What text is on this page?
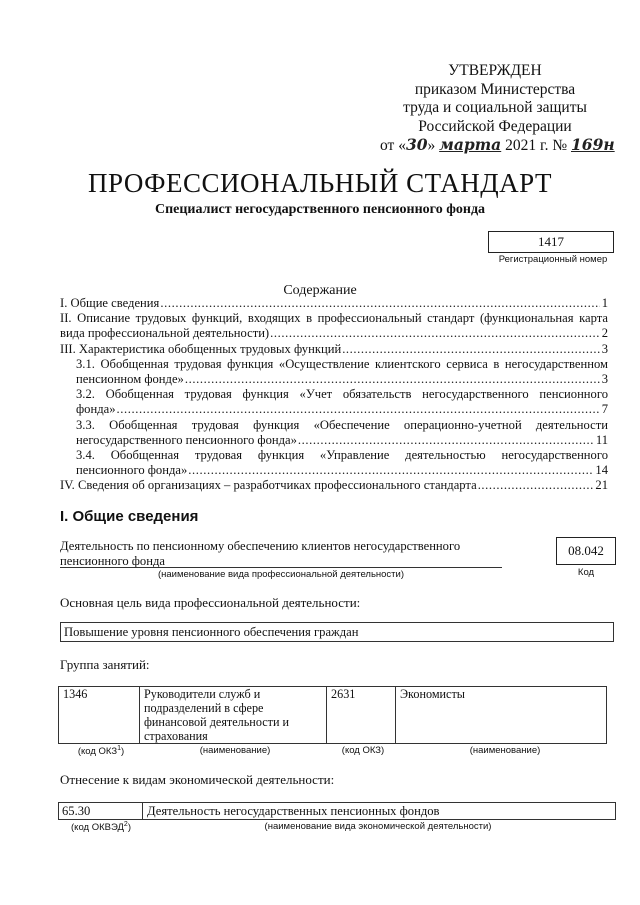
УТВЕРЖДЕН
приказом Министерства
труда и социальной защиты
Российской Федерации
от «30» марта 2021 г. № 169н
ПРОФЕССИОНАЛЬНЫЙ СТАНДАРТ
Специалист негосударственного пенсионного фонда
1417
Регистрационный номер
Содержание
I. Общие сведения .....	1
II. Описание трудовых функций, входящих в профессиональный стандарт (функциональная карта
вида профессиональной деятельности) .....	2
III. Характеристика обобщенных трудовых функций .....	3
3.1. Обобщенная трудовая функция «Осуществление клиентского сервиса в негосударственном
пенсионном фонде» .....	3
3.2. Обобщенная трудовая функция «Учет обязательств негосударственного пенсионного
фонда» .....	7
3.3. Обобщенная трудовая функция «Обеспечение операционно-учетной деятельности
негосударственного пенсионного фонда» .....	11
3.4. Обобщенная трудовая функция «Управление деятельностью негосударственного
пенсионного фонда» .....	14
IV. Сведения об организациях – разработчиках профессионального стандарта .....	21
I. Общие сведения
Деятельность по пенсионному обеспечению клиентов негосударственного
пенсионного фонда
(наименование вида профессиональной деятельности)
08.042
Код
Основная цель вида профессиональной деятельности:
Повышение уровня пенсионного обеспечения граждан
Группа занятий:
1346	Руководители служб и подразделений в сфере финансовой деятельности и страхования	2631	Экономисты
(код ОКЗ$^1$)	(наименование)	(код ОКЗ)	(наименование)
Отнесение к видам экономической деятельности:
65.30	Деятельность негосударственных пенсионных фондов
(код ОКВЭД$^2$)	(наименование вида экономической деятельности)
